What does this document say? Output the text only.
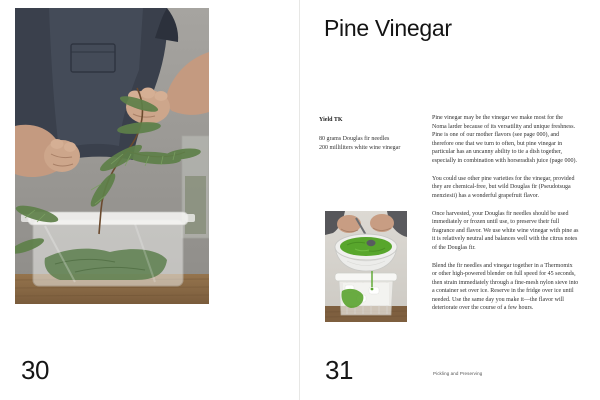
30
Pine Vinegar
Yield TK
80 grams Douglas fir needles
200 milliliters white wine vinegar

Pine vinegar may be the vinegar we make most for the Noma larder because of its versatility and unique freshness. Pine is one of our mother flavors (see page 000), and therefore one that we turn to often, but pine vinegar in particular has an uncanny ability to tie a dish together, especially in combination with horseradish juice (page 000).

You could use other pine varieties for the vinegar, provided they are chemical-free, but wild Douglas fir (Pseudotsuga menziesii) has a wonderful grapefruit flavor.

Once harvested, your Douglas fir needles should be used immediately or frozen until use, to preserve their full fragrance and flavor. We use white wine vinegar with pine as it is relatively neutral and balances well with the citrus notes of the Douglas fir.

Blend the fir needles and vinegar together in a Thermomix or other high-powered blender on full speed for 45 seconds, then strain immediately through a fine-mesh nylon sieve into a container set over ice. Reserve in the fridge over ice until needed. Use the same day you make it—the flavor will deteriorate over the course of a few hours.

31	Pickling and Preserving
